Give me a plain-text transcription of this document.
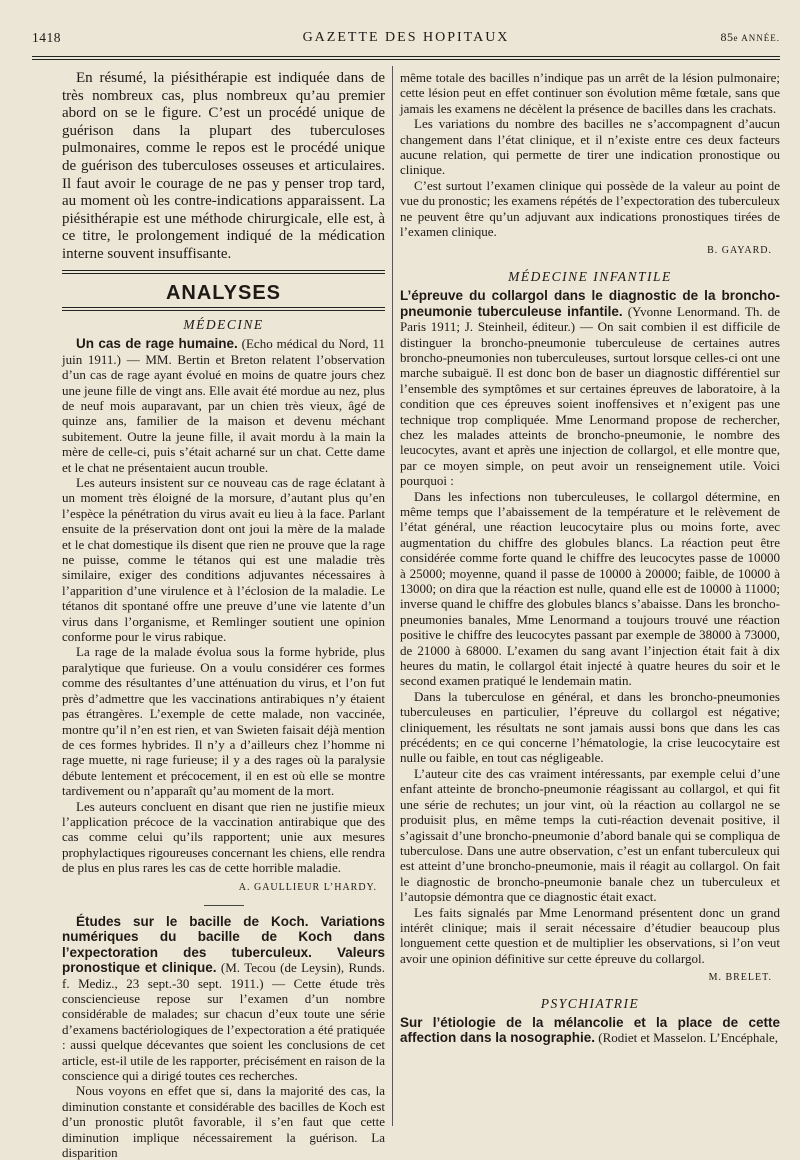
1418	GAZETTE DES HOPITAUX	85e ANNÉE.

En résumé, la piésithérapie est indiquée dans de très nombreux cas, plus nombreux qu’au premier abord on se le figure. C’est un procédé unique de guérison dans la plupart des tuberculoses pulmonaires, comme le repos est le procédé unique de guérison des tuberculoses osseuses et articulaires. Il faut avoir le courage de ne pas y penser trop tard, au moment où les contre-indications apparaissent. La piésithérapie est une méthode chirurgicale, elle est, à ce titre, le prolongement indiqué de la médication interne souvent insuffisante.

ANALYSES
MÉDECINE

Un cas de rage humaine. (Echo médical du Nord, 11 juin 1911.) — MM. Bertin et Breton relatent l’observation d’un cas de rage ayant évolué en moins de quatre jours chez une jeune fille de vingt ans. Elle avait été mordue au nez, plus de neuf mois auparavant, par un chien très vieux, âgé de quinze ans, familier de la maison et devenu méchant subitement. Outre la jeune fille, il avait mordu à la main la mère de celle-ci, puis s’était acharné sur un chat. Cette dame et le chat ne présentaient aucun trouble.

Les auteurs insistent sur ce nouveau cas de rage éclatant à un moment très éloigné de la morsure, d’autant plus qu’en l’espèce la pénétration du virus avait eu lieu à la face. Parlant ensuite de la préservation dont ont joui la mère de la malade et le chat domestique ils disent que rien ne prouve que la rage ne puisse, comme le tétanos qui est une maladie très similaire, exiger des conditions adjuvantes nécessaires à l’apparition d’une virulence et à l’éclosion de la maladie. Le tétanos dit spontané offre une preuve d’une vie latente d’un virus dans l’organisme, et Remlinger soutient une opinion conforme pour le virus rabique.

La rage de la malade évolua sous la forme hybride, plus paralytique que furieuse. On a voulu considérer ces formes comme des résultantes d’une atténuation du virus, et l’on fut près d’admettre que les vaccinations antirabiques n’y étaient pas étrangères. L’exemple de cette malade, non vaccinée, montre qu’il n’en est rien, et van Swieten faisait déjà mention de ces formes hybrides. Il n’y a d’ailleurs chez l’homme ni rage muette, ni rage furieuse; il y a des rages où la paralysie débute lentement et précocement, il en est où elle se montre tardivement ou n’apparaît qu’au moment de la mort.

Les auteurs concluent en disant que rien ne justifie mieux l’application précoce de la vaccination antirabique que des cas comme celui qu’ils rapportent; unie aux mesures prophylactiques rigoureuses concernant les chiens, elle rendra de plus en plus rares les cas de cette horrible maladie.

A. GAULLIEUR L’HARDY.

Études sur le bacille de Koch. Variations numériques du bacille de Koch dans l’expectoration des tuberculeux. Valeurs pronostique et clinique. (M. Tecou (de Leysin), Runds. f. Mediz., 23 sept.-30 sept. 1911.) — Cette étude très consciencieuse repose sur l’examen d’un nombre considérable de malades; sur chacun d’eux toute une série d’examens bactériologiques de l’expectoration a été pratiquée : aussi quelque décevantes que soient les conclusions de cet article, est-il utile de les rapporter, précisément en raison de la conscience qui a dirigé toutes ces recherches.

Nous voyons en effet que si, dans la majorité des cas, la diminution constante et considérable des bacilles de Koch est d’un pronostic plutôt favorable, il s’en faut que cette diminution implique nécessairement la guérison. La disparition

même totale des bacilles n’indique pas un arrêt de la lésion pulmonaire; cette lésion peut en effet continuer son évolution même fœtale, sans que jamais les examens ne décèlent la présence de bacilles dans les crachats.

Les variations du nombre des bacilles ne s’accompagnent d’aucun changement dans l’état clinique, et il n’existe entre ces deux facteurs aucune relation, qui permette de tirer une indication pronostique ou clinique.

C’est surtout l’examen clinique qui possède de la valeur au point de vue du pronostic; les examens répétés de l’expectoration des tuberculeux ne peuvent être qu’un adjuvant aux indications pronostiques tirées de l’examen clinique.

B. GAYARD.
MÉDECINE INFANTILE

L’épreuve du collargol dans le diagnostic de la broncho-pneumonie tuberculeuse infantile. (Yvonne Lenormand. Th. de Paris 1911; J. Steinheil, éditeur.) — On sait combien il est difficile de distinguer la broncho-pneumonie tuberculeuse de certaines autres broncho-pneumonies non tuberculeuses, surtout lorsque celles-ci ont une marche subaiguë. Il est donc bon de baser un diagnostic différentiel sur l’ensemble des symptômes et sur certaines épreuves de laboratoire, à la condition que ces épreuves soient inoffensives et n’exigent pas une technique trop compliquée. Mme Lenormand propose de rechercher, chez les malades atteints de broncho-pneumonie, le nombre des leucocytes, avant et après une injection de collargol, et elle montre que, par ce moyen simple, on peut avoir un renseignement utile. Voici pourquoi :

Dans les infections non tuberculeuses, le collargol détermine, en même temps que l’abaissement de la température et le relèvement de l’état général, une réaction leucocytaire plus ou moins forte, avec augmentation du chiffre des globules blancs. La réaction peut être considérée comme forte quand le chiffre des leucocytes passe de 10000 à 25000; moyenne, quand il passe de 10000 à 20000; faible, de 10000 à 13000; on dira que la réaction est nulle, quand elle est de 10000 à 11000; inverse quand le chiffre des globules blancs s’abaisse. Dans les broncho-pneumonies banales, Mme Lenormand a toujours trouvé une réaction positive le chiffre des leucocytes passant par exemple de 38000 à 73000, de 21000 à 68000. L’examen du sang avant l’injection était fait à dix heures du matin, le collargol était injecté à quatre heures du soir et le second examen pratiqué le lendemain matin.

Dans la tuberculose en général, et dans les broncho-pneumonies tuberculeuses en particulier, l’épreuve du collargol est négative; cliniquement, les résultats ne sont jamais aussi bons que dans les cas précédents; en ce qui concerne l’hématologie, la crise leucocytaire est nulle ou faible, en tout cas négligeable.

L’auteur cite des cas vraiment intéressants, par exemple celui d’une enfant atteinte de broncho-pneumonie réagissant au collargol, et qui fit une série de rechutes; un jour vint, où la réaction au collargol ne se produisit plus, en même temps la cuti-réaction devenait positive, il s’agissait d’une broncho-pneumonie d’abord banale qui se compliqua de tuberculose. Dans une autre observation, c’est un enfant tuberculeux qui est atteint d’une broncho-pneumonie, mais il réagit au collargol. On fait le diagnostic de broncho-pneumonie banale chez un tuberculeux et l’autopsie démontra que ce diagnostic était exact.

Les faits signalés par Mme Lenormand présentent donc un grand intérêt clinique; mais il serait nécessaire d’étudier beaucoup plus longuement cette question et de multiplier les observations, si l’on veut avoir une opinion définitive sur cette épreuve du collargol.

M. BRELET.
PSYCHIATRIE

Sur l’étiologie de la mélancolie et la place de cette affection dans la nosographie. (Rodiet et Masselon. L’Encéphale,
